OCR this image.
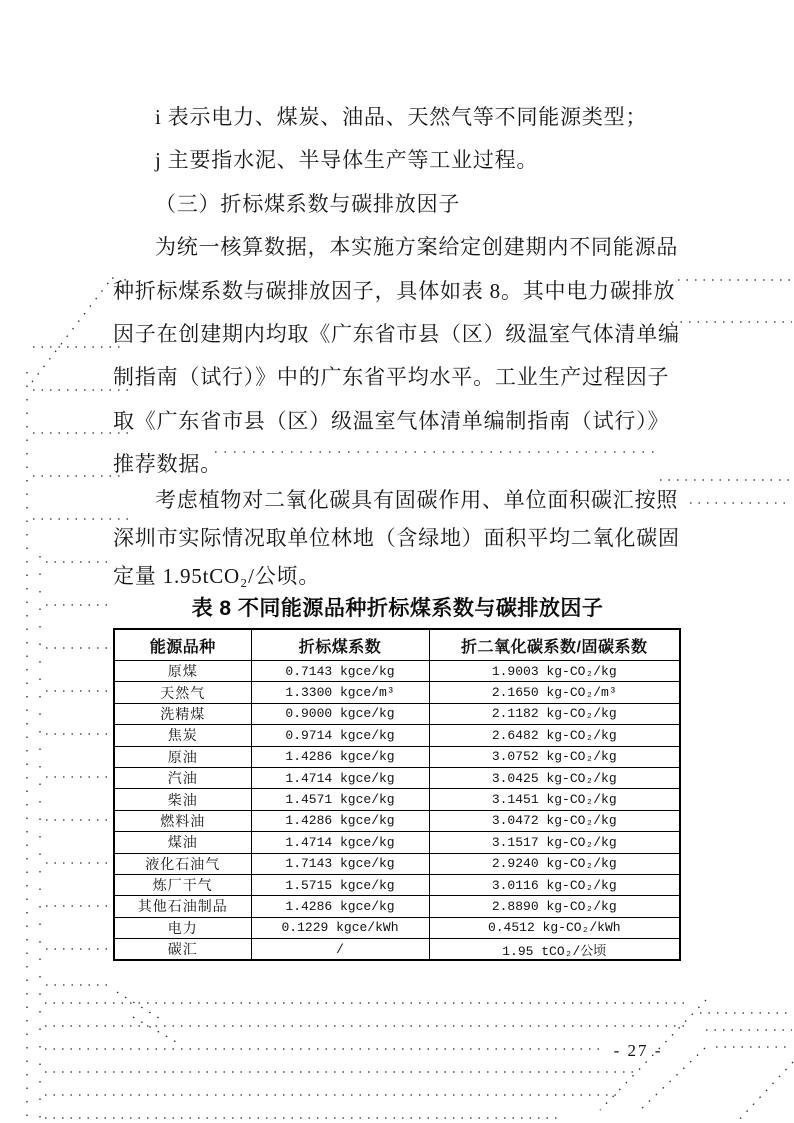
i 表示电力、煤炭、油品、天然气等不同能源类型；
j 主要指水泥、半导体生产等工业过程。
（三）折标煤系数与碳排放因子
为统一核算数据，本实施方案给定创建期内不同能源品
种折标煤系数与碳排放因子，具体如表 8。其中电力碳排放
因子在创建期内均取《广东省市县（区）级温室气体清单编
制指南（试行）》中的广东省平均水平。工业生产过程因子
取《广东省市县（区）级温室气体清单编制指南（试行）》
推荐数据。
考虑植物对二氧化碳具有固碳作用、单位面积碳汇按照
深圳市实际情况取单位林地（含绿地）面积平均二氧化碳固
定量 1.95tCO₂/公顷。
表 8 不同能源品种折标煤系数与碳排放因子
能源品种	折标煤系数	折二氧化碳系数/固碳系数
原煤	0.7143 kgce/kg	1.9003 kg-CO₂/kg
天然气	1.3300 kgce/m³	2.1650 kg-CO₂/m³
洗精煤	0.9000 kgce/kg	2.1182 kg-CO₂/kg
焦炭	0.9714 kgce/kg	2.6482 kg-CO₂/kg
原油	1.4286 kgce/kg	3.0752 kg-CO₂/kg
汽油	1.4714 kgce/kg	3.0425 kg-CO₂/kg
柴油	1.4571 kgce/kg	3.1451 kg-CO₂/kg
燃料油	1.4286 kgce/kg	3.0472 kg-CO₂/kg
煤油	1.4714 kgce/kg	3.1517 kg-CO₂/kg
液化石油气	1.7143 kgce/kg	2.9240 kg-CO₂/kg
炼厂干气	1.5715 kgce/kg	3.0116 kg-CO₂/kg
其他石油制品	1.4286 kgce/kg	2.8890 kg-CO₂/kg
电力	0.1229 kgce/kWh	0.4512 kg-CO₂/kWh
碳汇	/	1.95 tCO₂/公顷
- 27 -
